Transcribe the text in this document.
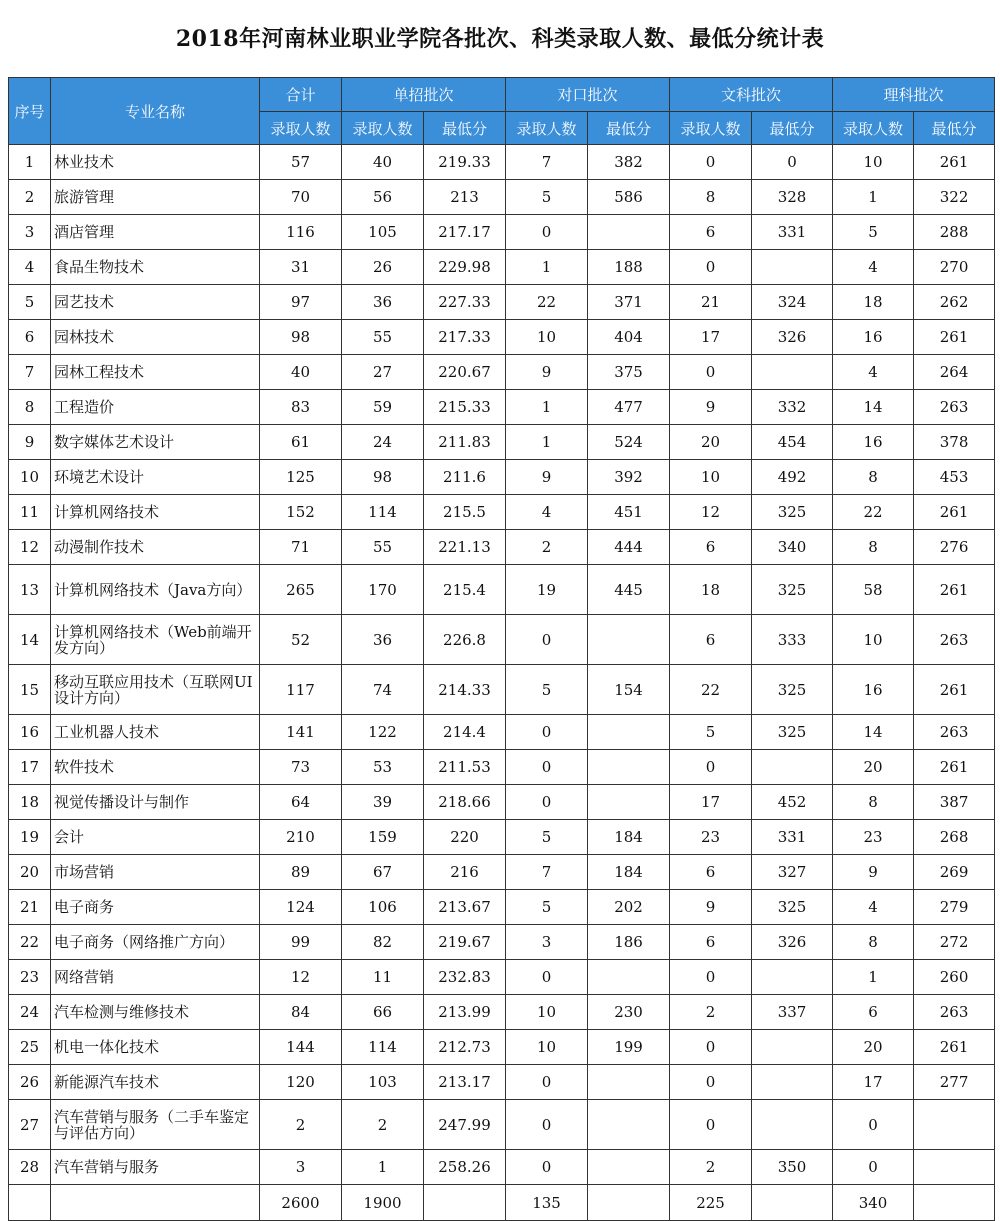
2018年河南林业职业学院各批次、科类录取人数、最低分统计表
序号	专业名称	合计	单招批次		对口批次		文科批次		理科批次	
		录取人数	录取人数	最低分	录取人数	最低分	录取人数	最低分	录取人数	最低分
1	林业技术	57	40	219.33	7	382	0	0	10	261
2	旅游管理	70	56	213	5	586	8	328	1	322
3	酒店管理	116	105	217.17	0		6	331	5	288
4	食品生物技术	31	26	229.98	1	188	0		4	270
5	园艺技术	97	36	227.33	22	371	21	324	18	262
6	园林技术	98	55	217.33	10	404	17	326	16	261
7	园林工程技术	40	27	220.67	9	375	0		4	264
8	工程造价	83	59	215.33	1	477	9	332	14	263
9	数字媒体艺术设计	61	24	211.83	1	524	20	454	16	378
10	环境艺术设计	125	98	211.6	9	392	10	492	8	453
11	计算机网络技术	152	114	215.5	4	451	12	325	22	261
12	动漫制作技术	71	55	221.13	2	444	6	340	8	276
13	计算机网络技术（Java方向）	265	170	215.4	19	445	18	325	58	261
14	计算机网络技术（Web前端开发方向）	52	36	226.8	0		6	333	10	263
15	移动互联应用技术（互联网UI设计方向）	117	74	214.33	5	154	22	325	16	261
16	工业机器人技术	141	122	214.4	0		5	325	14	263
17	软件技术	73	53	211.53	0		0		20	261
18	视觉传播设计与制作	64	39	218.66	0		17	452	8	387
19	会计	210	159	220	5	184	23	331	23	268
20	市场营销	89	67	216	7	184	6	327	9	269
21	电子商务	124	106	213.67	5	202	9	325	4	279
22	电子商务（网络推广方向）	99	82	219.67	3	186	6	326	8	272
23	网络营销	12	11	232.83	0		0		1	260
24	汽车检测与维修技术	84	66	213.99	10	230	2	337	6	263
25	机电一体化技术	144	114	212.73	10	199	0		20	261
26	新能源汽车技术	120	103	213.17	0		0		17	277
27	汽车营销与服务（二手车鉴定与评估方向）	2	2	247.99	0		0		0	
28	汽车营销与服务	3	1	258.26	0		2	350	0	
		2600	1900		135		225		340	
